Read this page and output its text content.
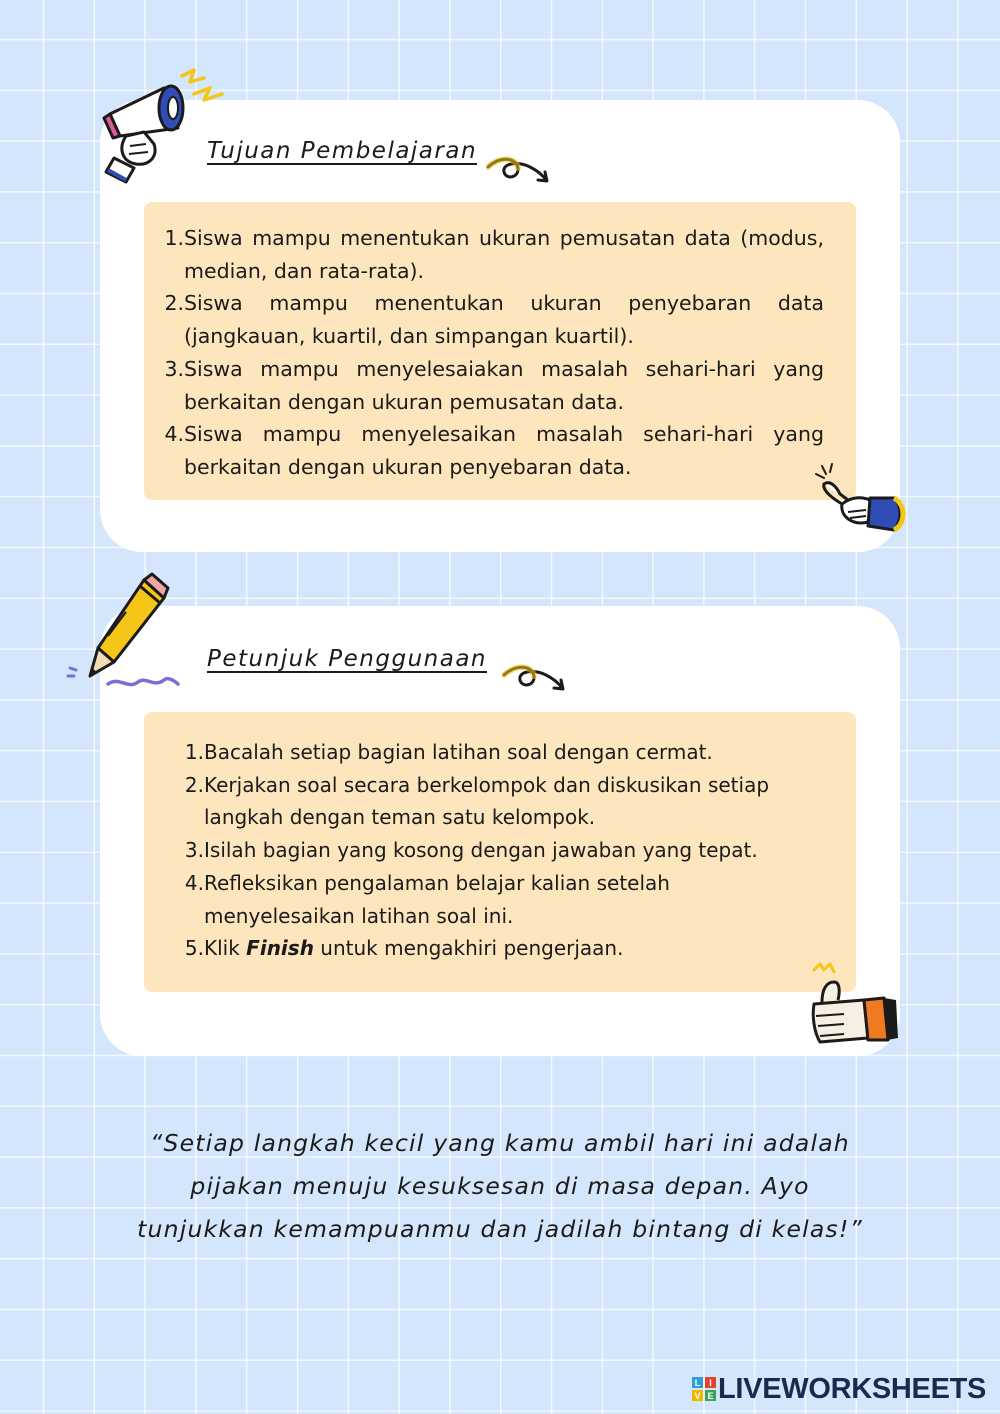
Tujuan Pembelajaran
1. Siswa mampu menentukan ukuran pemusatan data (modus, median, dan rata-rata).
2. Siswa mampu menentukan ukuran penyebaran data (jangkauan, kuartil, dan simpangan kuartil).
3. Siswa mampu menyelesaiakan masalah sehari-hari yang berkaitan dengan ukuran pemusatan data.
4. Siswa mampu menyelesaikan masalah sehari-hari yang berkaitan dengan ukuran penyebaran data.
Petunjuk Penggunaan
1. Bacalah setiap bagian latihan soal dengan cermat.
2. Kerjakan soal secara berkelompok dan diskusikan setiap langkah dengan teman satu kelompok.
3. Isilah bagian yang kosong dengan jawaban yang tepat.
4. Refleksikan pengalaman belajar kalian setelah menyelesaikan latihan soal ini.
5. Klik Finish untuk mengakhiri pengerjaan.

“Setiap langkah kecil yang kamu ambil hari ini adalah
pijakan menuju kesuksesan di masa depan. Ayo
tunjukkan kemampuanmu dan jadilah bintang di kelas!”

L I
V E LIVEWORKSHEETS
